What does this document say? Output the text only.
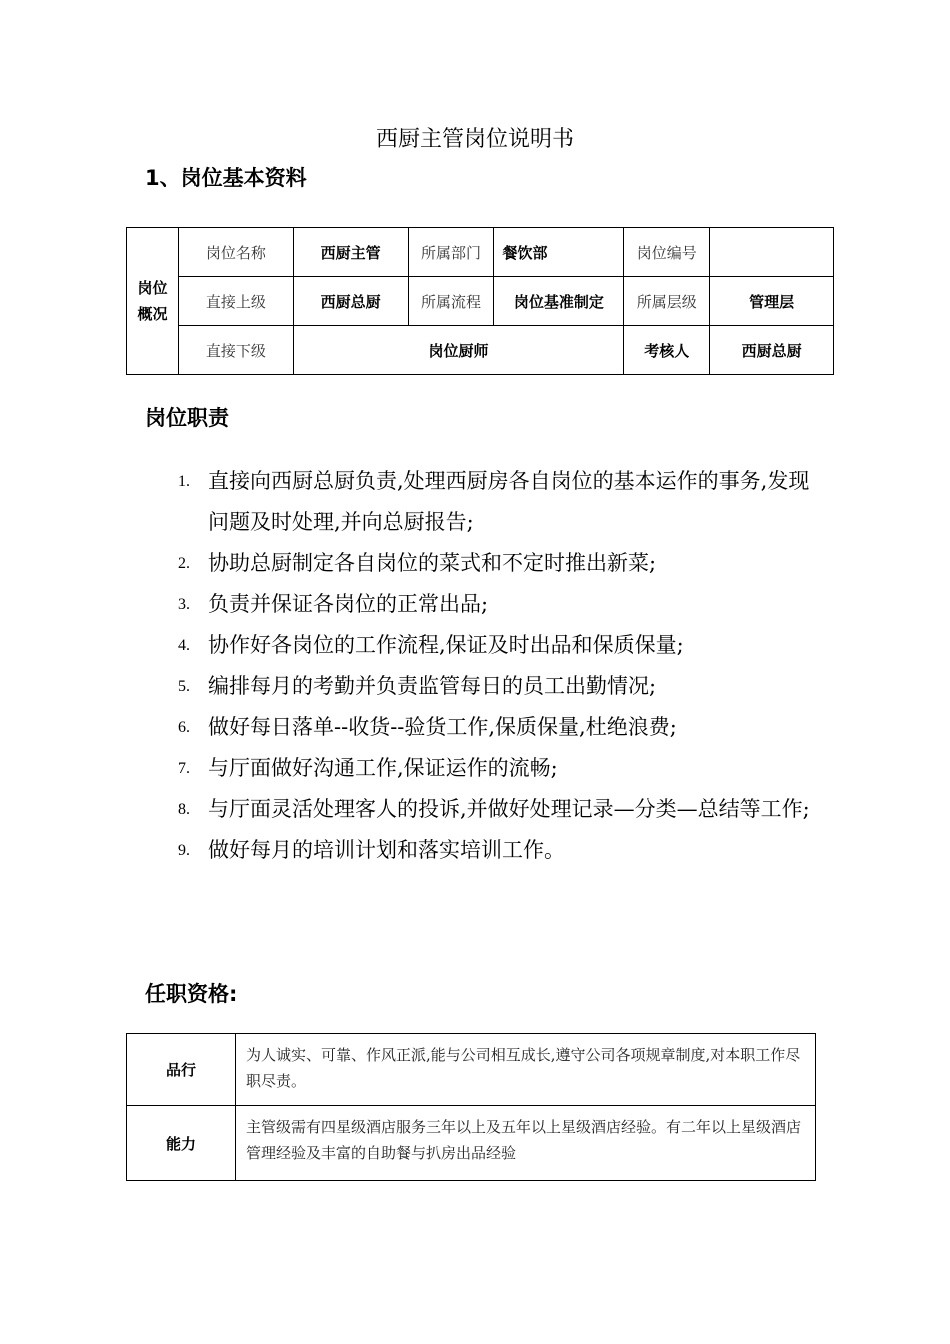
西厨主管岗位说明书
1、岗位基本资料
岗位
概况	岗位名称	西厨主管	所属部门	餐饮部	岗位编号	
	直接上级	西厨总厨	所属流程	岗位基准制定	所属层级	管理层
	直接下级	岗位厨师			考核人	西厨总厨
岗位职责
1. 直接向西厨总厨负责,处理西厨房各自岗位的基本运作的事务,发现问题及时处理,并向总厨报告;
2. 协助总厨制定各自岗位的菜式和不定时推出新菜;
3. 负责并保证各岗位的正常出品;
4. 协作好各岗位的工作流程,保证及时出品和保质保量;
5. 编排每月的考勤并负责监管每日的员工出勤情况;
6. 做好每日落单--收货--验货工作,保质保量,杜绝浪费;
7. 与厅面做好沟通工作,保证运作的流畅;
8. 与厅面灵活处理客人的投诉,并做好处理记录—分类—总结等工作;
9. 做好每月的培训计划和落实培训工作。
任职资格:
品行	为人诚实、可靠、作风正派,能与公司相互成长,遵守公司各项规章制度,对本职工作尽职尽责。
能力	主管级需有四星级酒店服务三年以上及五年以上星级酒店经验。有二年以上星级酒店管理经验及丰富的自助餐与扒房出品经验
